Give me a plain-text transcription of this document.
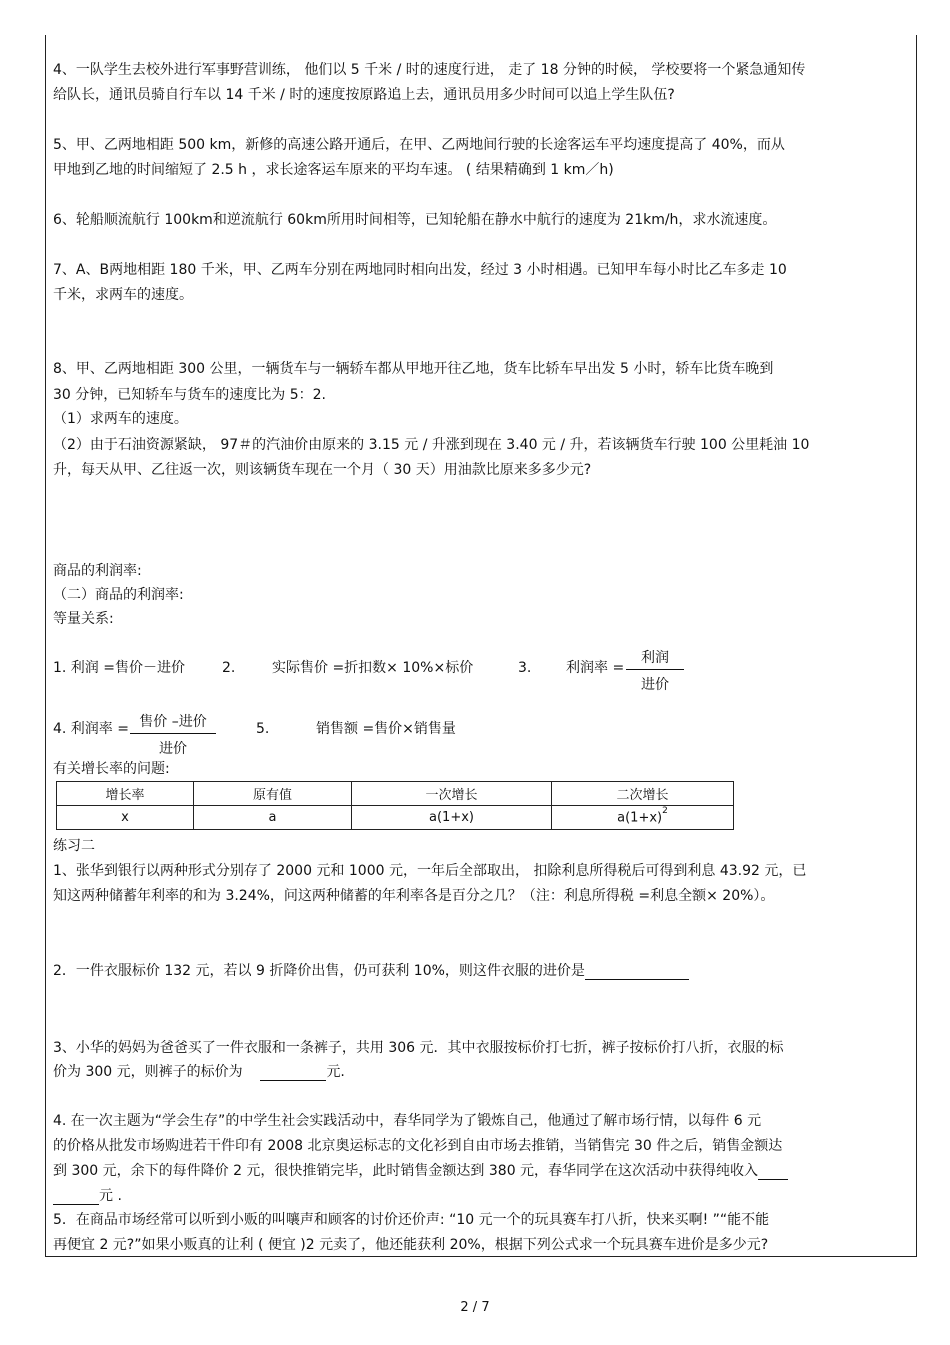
4、一队学生去校外进行军事野营训练， 他们以 5 千米 / 时的速度行进， 走了 18 分钟的时候， 学校要将一个紧急通知传
给队长，通讯员骑自行车以 14 千米 / 时的速度按原路追上去，通讯员用多少时间可以追上学生队伍?
5、甲、乙两地相距 500 km，新修的高速公路开通后，在甲、乙两地间行驶的长途客运车平均速度提高了 40%，而从
甲地到乙地的时间缩短了 2.5 h ，求长途客运车原来的平均车速。 ( 结果精确到 1 km／h)
6、轮船顺流航行 100km和逆流航行 60km所用时间相等，已知轮船在静水中航行的速度为 21km/h，求水流速度。
7、A、B两地相距 180 千米，甲、乙两车分别在两地同时相向出发，经过 3 小时相遇。已知甲车每小时比乙车多走 10
千米，求两车的速度。
8、甲、乙两地相距 300 公里，一辆货车与一辆轿车都从甲地开往乙地，货车比轿车早出发 5 小时，轿车比货车晚到
30 分钟，已知轿车与货车的速度比为 5：2.
（1）求两车的速度。
（2）由于石油资源紧缺， 97＃的汽油价由原来的 3.15 元 / 升涨到现在 3.40 元 / 升，若该辆货车行驶 100 公里耗油 10
升，每天从甲、乙往返一次，则该辆货车现在一个月（ 30 天）用油款比原来多多少元?
商品的利润率:
（二）商品的利润率:
等量关系:
1. 利润 =售价－进价	2.	实际售价 =折扣数× 10%×标价	3. 利润率 =
利润
进价
4. 利润率 = 售价 –进价
进价
5.	销售额 =售价×销售量
有关增长率的问题:
增长率	原有值	一次增长	二次增长
x	a	a(1+x)	$a(1+x)^2$
练习二
1、张华到银行以两种形式分别存了 2000 元和 1000 元，一年后全部取出， 扣除利息所得税后可得到利息 43.92 元，已
知这两种储蓄年利率的和为 3.24%，问这两种储蓄的年利率各是百分之几？（注：利息所得税 =利息全额× 20%）。
2．一件衣服标价 132 元，若以 9 折降价出售，仍可获利 10%，则这件衣服的进价是
3、小华的妈妈为爸爸买了一件衣服和一条裤子，共用 306 元．其中衣服按标价打七折，裤子按标价打八折，衣服的标
价为 300 元，则裤子的标价为	元.
4. 在一次主题为“学会生存”的中学生社会实践活动中，春华同学为了锻炼自己，他通过了解市场行情，以每件 6 元
的价格从批发市场购进若干件印有 2008 北京奥运标志的文化衫到自由市场去推销，当销售完 30 件之后，销售金额达
到 300 元，余下的每件降价 2 元，很快推销完毕，此时销售金额达到 380 元，春华同学在这次活动中获得纯收入
元 .
5．在商品市场经常可以听到小贩的叫嚷声和顾客的讨价还价声: “10 元一个的玩具赛车打八折，快来买啊! ”“能不能
再便宜 2 元?”如果小贩真的让利 ( 便宜 )2 元卖了，他还能获利 20%，根据下列公式求一个玩具赛车进价是多少元?
2 / 7
